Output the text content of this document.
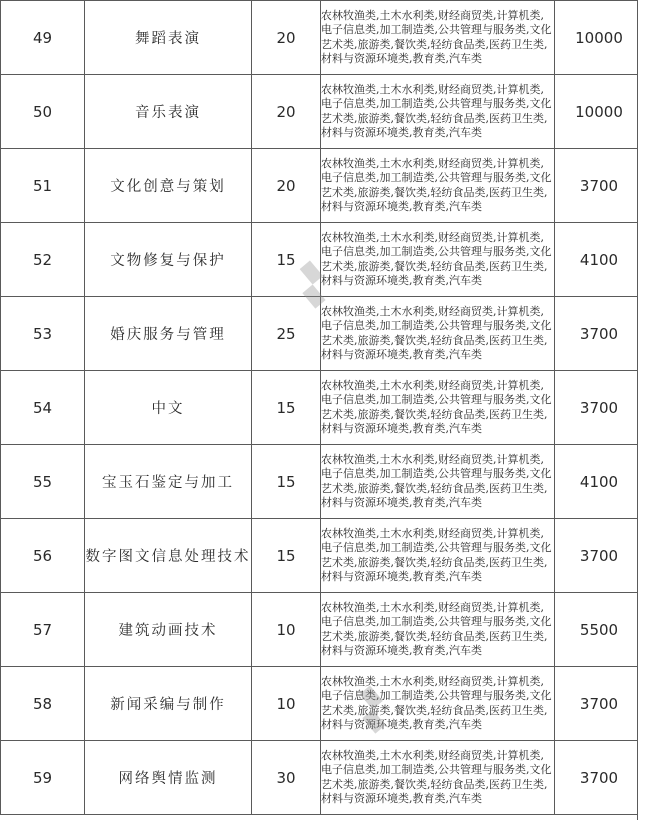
49	舞蹈表演	20	农林牧渔类,土木水利类,财经商贸类,计算机类,电子信息类,加工制造类,公共管理与服务类,文化艺术类,旅游类,餐饮类,轻纺食品类,医药卫生类,材料与资源环境类,教育类,汽车类	10000
50	音乐表演	20	农林牧渔类,土木水利类,财经商贸类,计算机类,电子信息类,加工制造类,公共管理与服务类,文化艺术类,旅游类,餐饮类,轻纺食品类,医药卫生类,材料与资源环境类,教育类,汽车类	10000
51	文化创意与策划	20	农林牧渔类,土木水利类,财经商贸类,计算机类,电子信息类,加工制造类,公共管理与服务类,文化艺术类,旅游类,餐饮类,轻纺食品类,医药卫生类,材料与资源环境类,教育类,汽车类	3700
52	文物修复与保护	15	农林牧渔类,土木水利类,财经商贸类,计算机类,电子信息类,加工制造类,公共管理与服务类,文化艺术类,旅游类,餐饮类,轻纺食品类,医药卫生类,材料与资源环境类,教育类,汽车类	4100
53	婚庆服务与管理	25	农林牧渔类,土木水利类,财经商贸类,计算机类,电子信息类,加工制造类,公共管理与服务类,文化艺术类,旅游类,餐饮类,轻纺食品类,医药卫生类,材料与资源环境类,教育类,汽车类	3700
54	中文	15	农林牧渔类,土木水利类,财经商贸类,计算机类,电子信息类,加工制造类,公共管理与服务类,文化艺术类,旅游类,餐饮类,轻纺食品类,医药卫生类,材料与资源环境类,教育类,汽车类	3700
55	宝玉石鉴定与加工	15	农林牧渔类,土木水利类,财经商贸类,计算机类,电子信息类,加工制造类,公共管理与服务类,文化艺术类,旅游类,餐饮类,轻纺食品类,医药卫生类,材料与资源环境类,教育类,汽车类	4100
56	数字图文信息处理技术	15	农林牧渔类,土木水利类,财经商贸类,计算机类,电子信息类,加工制造类,公共管理与服务类,文化艺术类,旅游类,餐饮类,轻纺食品类,医药卫生类,材料与资源环境类,教育类,汽车类	3700
57	建筑动画技术	10	农林牧渔类,土木水利类,财经商贸类,计算机类,电子信息类,加工制造类,公共管理与服务类,文化艺术类,旅游类,餐饮类,轻纺食品类,医药卫生类,材料与资源环境类,教育类,汽车类	5500
58	新闻采编与制作	10	农林牧渔类,土木水利类,财经商贸类,计算机类,电子信息类,加工制造类,公共管理与服务类,文化艺术类,旅游类,餐饮类,轻纺食品类,医药卫生类,材料与资源环境类,教育类,汽车类	3700
59	网络舆情监测	30	农林牧渔类,土木水利类,财经商贸类,计算机类,电子信息类,加工制造类,公共管理与服务类,文化艺术类,旅游类,餐饮类,轻纺食品类,医药卫生类,材料与资源环境类,教育类,汽车类	3700
▞
▞
